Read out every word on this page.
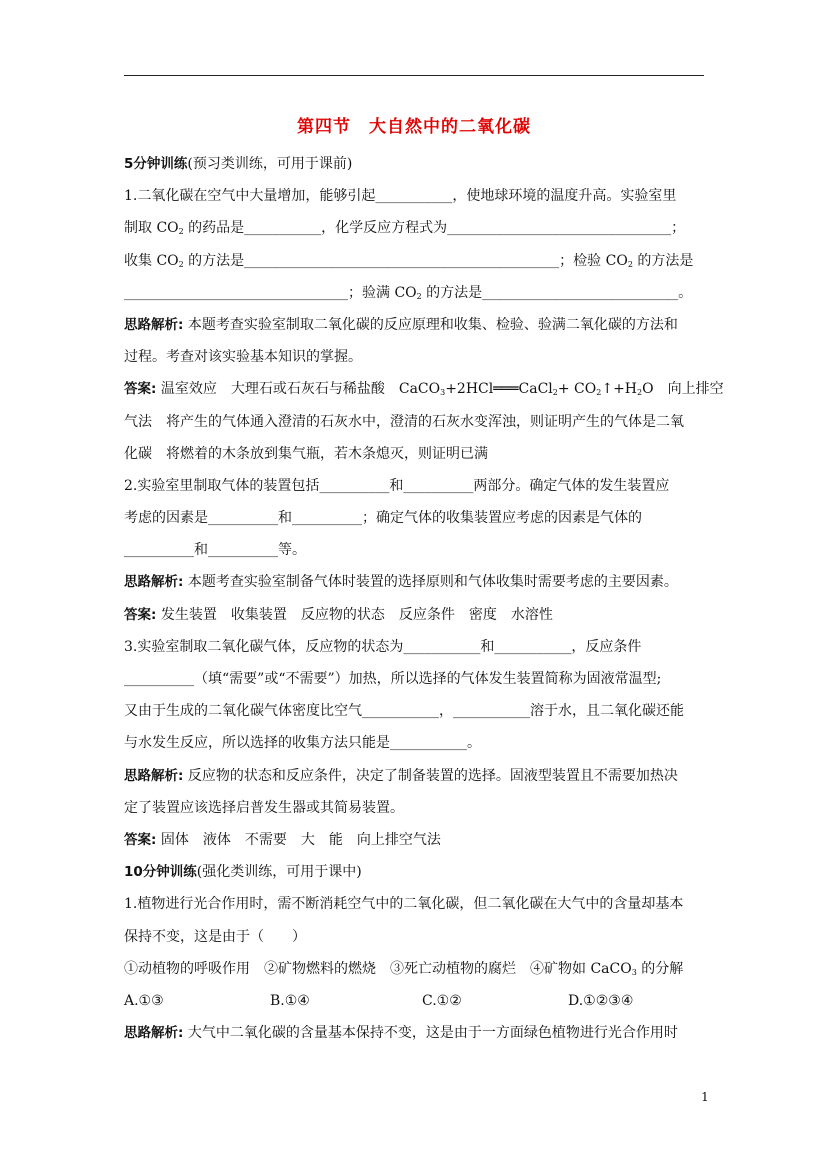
第四节　大自然中的二氧化碳
5分钟训练(预习类训练，可用于课前)
1.二氧化碳在空气中大量增加，能够引起___________，使地球环境的温度升高。实验室里
制取 $CO_2$ 的药品是___________，化学反应方程式为________________________________；
收集 $CO_2$ 的方法是_____________________________________________；检验 $CO_2$ 的方法是
________________________________；验满 $CO_2$ 的方法是____________________________。
思路解析: 本题考查实验室制取二氧化碳的反应原理和收集、检验、验满二氧化碳的方法和
过程。考查对该实验基本知识的掌握。
答案: 温室效应　大理石或石灰石与稀盐酸　CaCO$_3$+2HCl═══CaCl$_2$+ $CO_2↑+H_2O$　向上排空
气法　将产生的气体通入澄清的石灰水中，澄清的石灰水变浑浊，则证明产生的气体是二氧
化碳　将燃着的木条放到集气瓶，若木条熄灭，则证明已满
2.实验室里制取气体的装置包括__________和__________两部分。确定气体的发生装置应
考虑的因素是__________和__________；确定气体的收集装置应考虑的因素是气体的
__________和__________等。
思路解析: 本题考查实验室制备气体时装置的选择原则和气体收集时需要考虑的主要因素。
答案: 发生装置　收集装置　反应物的状态　反应条件　密度　水溶性
3.实验室制取二氧化碳气体，反应物的状态为___________和___________，反应条件
__________（填“需要”或“不需要”）加热，所以选择的气体发生装置简称为固液常温型;
又由于生成的二氧化碳气体密度比空气___________，___________溶于水，且二氧化碳还能
与水发生反应，所以选择的收集方法只能是___________。
思路解析: 反应物的状态和反应条件，决定了制备装置的选择。固液型装置且不需要加热决
定了装置应该选择启普发生器或其简易装置。
答案: 固体　液体　不需要　大　能　向上排空气法
10分钟训练(强化类训练，可用于课中)
1.植物进行光合作用时，需不断消耗空气中的二氧化碳，但二氧化碳在大气中的含量却基本
保持不变，这是由于（　　）
①动植物的呼吸作用　②矿物燃料的燃烧　③死亡动植物的腐烂　④矿物如 CaCO$_3$ 的分解
A.①③	B.①④	C.①②	D.①②③④
思路解析: 大气中二氧化碳的含量基本保持不变，这是由于一方面绿色植物进行光合作用时
1
